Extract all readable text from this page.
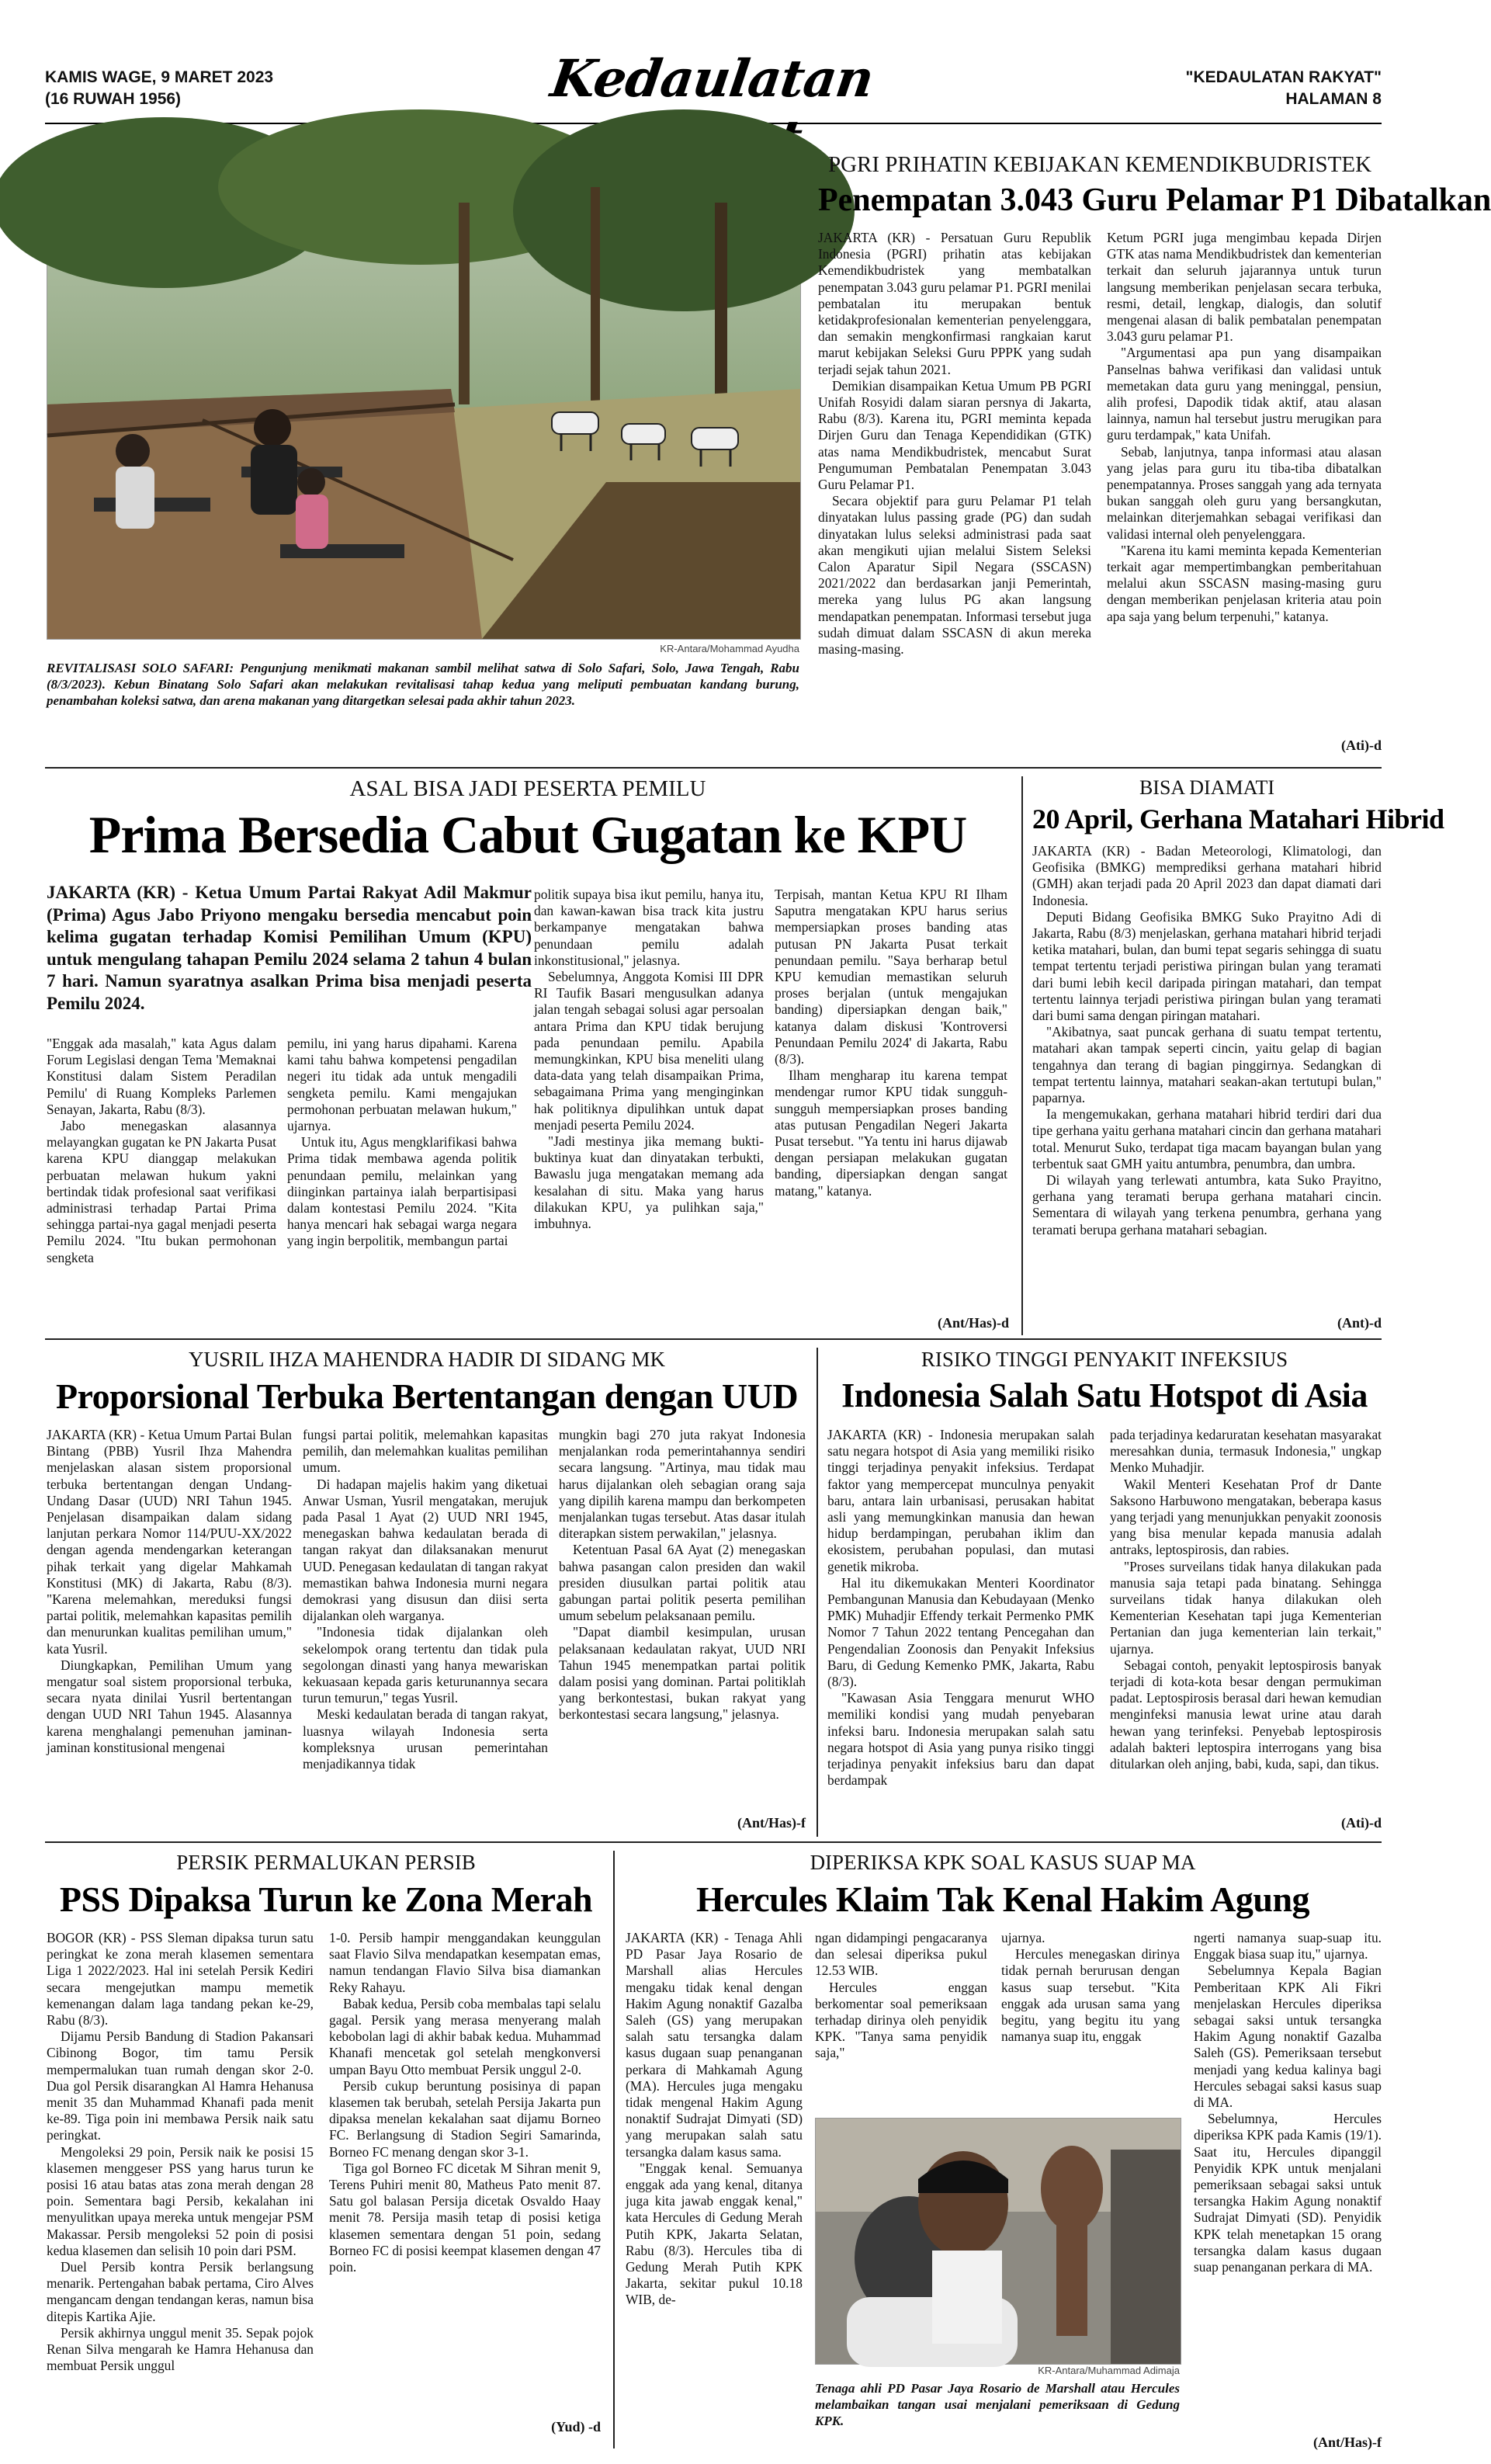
KAMIS WAGE, 9 MARET 2023
(16 RUWAH 1956)	Kedaulatan	"KEDAULATAN RAKYAT"
HALAMAN 8
KR-Antara/Mohammad Ayudha
REVITALISASI SOLO SAFARI: Pengunjung menikmati makanan sambil melihat satwa di Solo Safari, Solo, Jawa Tengah, Rabu (8/3/2023). Kebun Binatang Solo Safari akan melakukan revitalisasi tahap kedua yang meliputi pembuatan kandang burung, penambahan koleksi satwa, dan arena makanan yang ditargetkan selesai pada akhir tahun 2023.
PGRI PRIHATIN KEBIJAKAN KEMENDIKBUDRISTEK
Penempatan 3.043 Guru Pelamar P1 Dibatalkan

JAKARTA (KR) - Persatuan Guru Republik Indonesia (PGRI) prihatin atas kebijakan Kemendikbudristek yang membatalkan penempatan 3.043 guru pelamar P1. PGRI menilai pembatalan itu merupakan bentuk ketidakprofesionalan kementerian penyelenggara, dan semakin mengkonfirmasi rangkaian karut marut kebijakan Seleksi Guru PPPK yang sudah terjadi sejak tahun 2021.

Demikian disampaikan Ketua Umum PB PGRI Unifah Rosyidi dalam siaran persnya di Jakarta, Rabu (8/3). Karena itu, PGRI meminta kepada Dirjen Guru dan Tenaga Kependidikan (GTK) atas nama Mendikbudristek, mencabut Surat Pengumuman Pembatalan Penempatan 3.043 Guru Pelamar P1.

Secara objektif para guru Pelamar P1 telah dinyatakan lulus passing grade (PG) dan sudah dinyatakan lulus seleksi administrasi pada saat akan mengikuti ujian melalui Sistem Seleksi Calon Aparatur Sipil Negara (SSCASN) 2021/2022 dan berdasarkan janji Pemerintah, mereka yang lulus PG akan langsung mendapatkan penempatan. Informasi tersebut juga sudah dimuat dalam SSCASN di akun mereka masing-masing.

Ketum PGRI juga mengimbau kepada Dirjen GTK atas nama Mendikbudristek dan kementerian terkait dan seluruh jajarannya untuk turun langsung memberikan penjelasan secara terbuka, resmi, detail, lengkap, dialogis, dan solutif mengenai alasan di balik pembatalan penempatan 3.043 guru pelamar P1.

"Argumentasi apa pun yang disampaikan Panselnas bahwa verifikasi dan validasi untuk memetakan data guru yang meninggal, pensiun, alih profesi, Dapodik tidak aktif, atau alasan lainnya, namun hal tersebut justru merugikan para guru terdampak," kata Unifah.

Sebab, lanjutnya, tanpa informasi atau alasan yang jelas para guru itu tiba-tiba dibatalkan penempatannya. Proses sanggah yang ada ternyata bukan sanggah oleh guru yang bersangkutan, melainkan diterjemahkan sebagai verifikasi dan validasi internal oleh penyelenggara.

"Karena itu kami meminta kepada Kementerian terkait agar mempertimbangkan pemberitahuan melalui akun SSCASN masing-masing guru dengan memberikan penjelasan kriteria atau poin apa saja yang belum terpenuhi," katanya.

(Ati)-d
ASAL BISA JADI PESERTA PEMILU
Prima Bersedia Cabut Gugatan ke KPU
JAKARTA (KR) - Ketua Umum Partai Rakyat Adil Makmur (Prima) Agus Jabo Priyono mengaku bersedia mencabut poin kelima gugatan terhadap Komisi Pemilihan Umum (KPU) untuk mengulang tahapan Pemilu 2024 selama 2 tahun 4 bulan 7 hari. Namun syaratnya asalkan Prima bisa menjadi peserta Pemilu 2024.

"Enggak ada masalah," kata Agus dalam Forum Legislasi dengan Tema 'Memaknai Konstitusi dalam Sistem Peradilan Pemilu' di Ruang Kompleks Parlemen Senayan, Jakarta, Rabu (8/3).

Jabo menegaskan alasannya melayangkan gugatan ke PN Jakarta Pusat karena KPU dianggap melakukan perbuatan melawan hukum yakni bertindak tidak profesional saat verifikasi administrasi terhadap Partai Prima sehingga partai-nya gagal menjadi peserta Pemilu 2024. "Itu bukan permohonan sengketa

pemilu, ini yang harus dipahami. Karena kami tahu bahwa kompetensi pengadilan negeri itu tidak ada untuk mengadili sengketa pemilu. Kami mengajukan permohonan perbuatan melawan hukum," ujarnya.

Untuk itu, Agus mengklarifikasi bahwa Prima tidak membawa agenda politik penundaan pemilu, melainkan yang diinginkan partainya ialah berpartisipasi dalam kontestasi Pemilu 2024. "Kita hanya mencari hak sebagai warga negara yang ingin berpolitik, membangun partai

politik supaya bisa ikut pemilu, hanya itu, dan kawan-kawan bisa track kita justru berkampanye mengatakan bahwa penundaan pemilu adalah inkonstitusional," jelasnya.

Sebelumnya, Anggota Komisi III DPR RI Taufik Basari mengusulkan adanya jalan tengah sebagai solusi agar persoalan antara Prima dan KPU tidak berujung pada penundaan pemilu. Apabila memungkinkan, KPU bisa meneliti ulang data-data yang telah disampaikan Prima, sebagaimana Prima yang menginginkan hak politiknya dipulihkan untuk dapat menjadi peserta Pemilu 2024.

"Jadi mestinya jika memang bukti-buktinya kuat dan dinyatakan terbukti, Bawaslu juga mengatakan memang ada kesalahan di situ. Maka yang harus dilakukan KPU, ya pulihkan saja," imbuhnya.

Terpisah, mantan Ketua KPU RI Ilham Saputra mengatakan KPU harus serius mempersiapkan proses banding atas putusan PN Jakarta Pusat terkait penundaan pemilu. "Saya berharap betul KPU kemudian memastikan seluruh proses berjalan (untuk mengajukan banding) dipersiapkan dengan baik," katanya dalam diskusi 'Kontroversi Penundaan Pemilu 2024' di Jakarta, Rabu (8/3).

Ilham mengharap itu karena tempat mendengar rumor KPU tidak sungguh-sungguh mempersiapkan proses banding atas putusan Pengadilan Negeri Jakarta Pusat tersebut. "Ya tentu ini harus dijawab dengan persiapan melakukan gugatan banding, dipersiapkan dengan sangat matang," katanya.

(Ant/Has)-d
BISA DIAMATI
20 April, Gerhana Matahari Hibrid

JAKARTA (KR) - Badan Meteorologi, Klimatologi, dan Geofisika (BMKG) memprediksi gerhana matahari hibrid (GMH) akan terjadi pada 20 April 2023 dan dapat diamati dari Indonesia.

Deputi Bidang Geofisika BMKG Suko Prayitno Adi di Jakarta, Rabu (8/3) menjelaskan, gerhana matahari hibrid terjadi ketika matahari, bulan, dan bumi tepat segaris sehingga di suatu tempat tertentu terjadi peristiwa piringan bulan yang teramati dari bumi lebih kecil daripada piringan matahari, dan tempat tertentu lainnya terjadi peristiwa piringan bulan yang teramati dari bumi sama dengan piringan matahari.

"Akibatnya, saat puncak gerhana di suatu tempat tertentu, matahari akan tampak seperti cincin, yaitu gelap di bagian tengahnya dan terang di bagian pinggirnya. Sedangkan di tempat tertentu lainnya, matahari seakan-akan tertutupi bulan," paparnya.

Ia mengemukakan, gerhana matahari hibrid terdiri dari dua tipe gerhana yaitu gerhana matahari cincin dan gerhana matahari total. Menurut Suko, terdapat tiga macam bayangan bulan yang terbentuk saat GMH yaitu antumbra, penumbra, dan umbra.

Di wilayah yang terlewati antumbra, kata Suko Prayitno, gerhana yang teramati berupa gerhana matahari cincin. Sementara di wilayah yang terkena penumbra, gerhana yang teramati berupa gerhana matahari sebagian.

(Ant)-d
YUSRIL IHZA MAHENDRA HADIR DI SIDANG MK
Proporsional Terbuka Bertentangan dengan UUD

JAKARTA (KR) - Ketua Umum Partai Bulan Bintang (PBB) Yusril Ihza Mahendra menjelaskan alasan sistem proporsional terbuka bertentangan dengan Undang-Undang Dasar (UUD) NRI Tahun 1945. Penjelasan disampaikan dalam sidang lanjutan perkara Nomor 114/PUU-XX/2022 dengan agenda mendengarkan keterangan pihak terkait yang digelar Mahkamah Konstitusi (MK) di Jakarta, Rabu (8/3). "Karena melemahkan, mereduksi fungsi partai politik, melemahkan kapasitas pemilih dan menurunkan kualitas pemilihan umum," kata Yusril.

Diungkapkan, Pemilihan Umum yang mengatur soal sistem proporsional terbuka, secara nyata dinilai Yusril bertentangan dengan UUD NRI Tahun 1945. Alasannya karena menghalangi pemenuhan jaminan-jaminan konstitusional mengenai

fungsi partai politik, melemahkan kapasitas pemilih, dan melemahkan kualitas pemilihan umum.

Di hadapan majelis hakim yang diketuai Anwar Usman, Yusril mengatakan, merujuk pada Pasal 1 Ayat (2) UUD NRI 1945, menegaskan bahwa kedaulatan berada di tangan rakyat dan dilaksanakan menurut UUD. Penegasan kedaulatan di tangan rakyat memastikan bahwa Indonesia murni negara demokrasi yang disusun dan diisi serta dijalankan oleh warganya.

"Indonesia tidak dijalankan oleh sekelompok orang tertentu dan tidak pula segolongan dinasti yang hanya mewariskan kekuasaan kepada garis keturunannya secara turun temurun," tegas Yusril.

Meski kedaulatan berada di tangan rakyat, luasnya wilayah Indonesia serta kompleksnya urusan pemerintahan menjadikannya tidak

mungkin bagi 270 juta rakyat Indonesia menjalankan roda pemerintahannya sendiri secara langsung. "Artinya, mau tidak mau harus dijalankan oleh sebagian orang saja yang dipilih karena mampu dan berkompeten menjalankan tugas tersebut. Atas dasar itulah diterapkan sistem perwakilan," jelasnya.

Ketentuan Pasal 6A Ayat (2) menegaskan bahwa pasangan calon presiden dan wakil presiden diusulkan partai politik atau gabungan partai politik peserta pemilihan umum sebelum pelaksanaan pemilu.

"Dapat diambil kesimpulan, urusan pelaksanaan kedaulatan rakyat, UUD NRI Tahun 1945 menempatkan partai politik dalam posisi yang dominan. Partai politiklah yang berkontestasi, bukan rakyat yang berkontestasi secara langsung," jelasnya.

(Ant/Has)-f
RISIKO TINGGI PENYAKIT INFEKSIUS
Indonesia Salah Satu Hotspot di Asia

JAKARTA (KR) - Indonesia merupakan salah satu negara hotspot di Asia yang memiliki risiko tinggi terjadinya penyakit infeksius. Terdapat faktor yang mempercepat munculnya penyakit baru, antara lain urbanisasi, perusakan habitat asli yang memungkinkan manusia dan hewan hidup berdampingan, perubahan iklim dan ekosistem, perubahan populasi, dan mutasi genetik mikroba.

Hal itu dikemukakan Menteri Koordinator Pembangunan Manusia dan Kebudayaan (Menko PMK) Muhadjir Effendy terkait Permenko PMK Nomor 7 Tahun 2022 tentang Pencegahan dan Pengendalian Zoonosis dan Penyakit Infeksius Baru, di Gedung Kemenko PMK, Jakarta, Rabu (8/3).

"Kawasan Asia Tenggara menurut WHO memiliki kondisi yang mudah penyebaran infeksi baru. Indonesia merupakan salah satu negara hotspot di Asia yang punya risiko tinggi terjadinya penyakit infeksius baru dan dapat berdampak

pada terjadinya kedaruratan kesehatan masyarakat meresahkan dunia, termasuk Indonesia," ungkap Menko Muhadjir.

Wakil Menteri Kesehatan Prof dr Dante Saksono Harbuwono mengatakan, beberapa kasus yang terjadi yang menunjukkan penyakit zoonosis yang bisa menular kepada manusia adalah antraks, leptospirosis, dan rabies.

"Proses surveilans tidak hanya dilakukan pada manusia saja tetapi pada binatang. Sehingga surveilans tidak hanya dilakukan oleh Kementerian Kesehatan tapi juga Kementerian Pertanian dan juga kementerian lain terkait," ujarnya.

Sebagai contoh, penyakit leptospirosis banyak terjadi di kota-kota besar dengan permukiman padat. Leptospirosis berasal dari hewan kemudian menginfeksi manusia lewat urine atau darah hewan yang terinfeksi. Penyebab leptospirosis adalah bakteri leptospira interrogans yang bisa ditularkan oleh anjing, babi, kuda, sapi, dan tikus.

(Ati)-d
PERSIK PERMALUKAN PERSIB
PSS Dipaksa Turun ke Zona Merah

BOGOR (KR) - PSS Sleman dipaksa turun satu peringkat ke zona merah klasemen sementara Liga 1 2022/2023. Hal ini setelah Persik Kediri secara mengejutkan mampu memetik kemenangan dalam laga tandang pekan ke-29, Rabu (8/3).

Dijamu Persib Bandung di Stadion Pakansari Cibinong Bogor, tim tamu Persik mempermalukan tuan rumah dengan skor 2-0. Dua gol Persik disarangkan Al Hamra Hehanusa menit 35 dan Muhammad Khanafi pada menit ke-89. Tiga poin ini membawa Persik naik satu peringkat.

Mengoleksi 29 poin, Persik naik ke posisi 15 klasemen menggeser PSS yang harus turun ke posisi 16 atau batas atas zona merah dengan 28 poin. Sementara bagi Persib, kekalahan ini menyulitkan upaya mereka untuk mengejar PSM Makassar. Persib mengoleksi 52 poin di posisi kedua klasemen dan selisih 10 poin dari PSM.

Duel Persib kontra Persik berlangsung menarik. Pertengahan babak pertama, Ciro Alves mengancam dengan tendangan keras, namun bisa ditepis Kartika Ajie.

Persik akhirnya unggul menit 35. Sepak pojok Renan Silva mengarah ke Hamra Hehanusa dan membuat Persik unggul

1-0. Persib hampir menggandakan keunggulan saat Flavio Silva mendapatkan kesempatan emas, namun tendangan Flavio Silva bisa diamankan Reky Rahayu.

Babak kedua, Persib coba membalas tapi selalu gagal. Persik yang merasa menyerang malah kebobolan lagi di akhir babak kedua. Muhammad Khanafi mencetak gol setelah mengkonversi umpan Bayu Otto membuat Persik unggul 2-0.

Persib cukup beruntung posisinya di papan klasemen tak berubah, setelah Persija Jakarta pun dipaksa menelan kekalahan saat dijamu Borneo FC. Berlangsung di Stadion Segiri Samarinda, Borneo FC menang dengan skor 3-1.

Tiga gol Borneo FC dicetak M Sihran menit 9, Terens Puhiri menit 80, Matheus Pato menit 87. Satu gol balasan Persija dicetak Osvaldo Haay menit 78. Persija masih tetap di posisi ketiga klasemen sementara dengan 51 poin, sedang Borneo FC di posisi keempat klasemen dengan 47 poin.

(Yud) -d
DIPERIKSA KPK SOAL KASUS SUAP MA
Hercules Klaim Tak Kenal Hakim Agung

JAKARTA (KR) - Tenaga Ahli PD Pasar Jaya Rosario de Marshall alias Hercules mengaku tidak kenal dengan Hakim Agung nonaktif Gazalba Saleh (GS) yang merupakan salah satu tersangka dalam kasus dugaan suap penanganan perkara di Mahkamah Agung (MA). Hercules juga mengaku tidak mengenal Hakim Agung nonaktif Sudrajat Dimyati (SD) yang merupakan salah satu tersangka dalam kasus sama.

"Enggak kenal. Semuanya enggak ada yang kenal, ditanya juga kita jawab enggak kenal," kata Hercules di Gedung Merah Putih KPK, Jakarta Selatan, Rabu (8/3). Hercules tiba di Gedung Merah Putih KPK Jakarta, sekitar pukul 10.18 WIB, de-

ngan didampingi pengacaranya dan selesai diperiksa pukul 12.53 WIB.

Hercules enggan berkomentar soal pemeriksaan terhadap dirinya oleh penyidik KPK. "Tanya sama penyidik saja,"

ujarnya.

Hercules menegaskan dirinya tidak pernah berurusan dengan kasus suap tersebut. "Kita enggak ada urusan sama yang begitu, yang begitu itu yang namanya suap itu, enggak

KR-Antara/Muhammad Adimaja
Tenaga ahli PD Pasar Jaya Rosario de Marshall atau Hercules melambaikan tangan usai menjalani pemeriksaan di Gedung KPK.

ngerti namanya suap-suap itu. Enggak biasa suap itu," ujarnya.

Sebelumnya Kepala Bagian Pemberitaan KPK Ali Fikri menjelaskan Hercules diperiksa sebagai saksi untuk tersangka Hakim Agung nonaktif Gazalba Saleh (GS). Pemeriksaan tersebut menjadi yang kedua kalinya bagi Hercules sebagai saksi kasus suap di MA.

Sebelumnya, Hercules diperiksa KPK pada Kamis (19/1). Saat itu, Hercules dipanggil Penyidik KPK untuk menjalani pemeriksaan sebagai saksi untuk tersangka Hakim Agung nonaktif Sudrajat Dimyati (SD). Penyidik KPK telah menetapkan 15 orang tersangka dalam kasus dugaan suap penanganan perkara di MA.

(Ant/Has)-f
